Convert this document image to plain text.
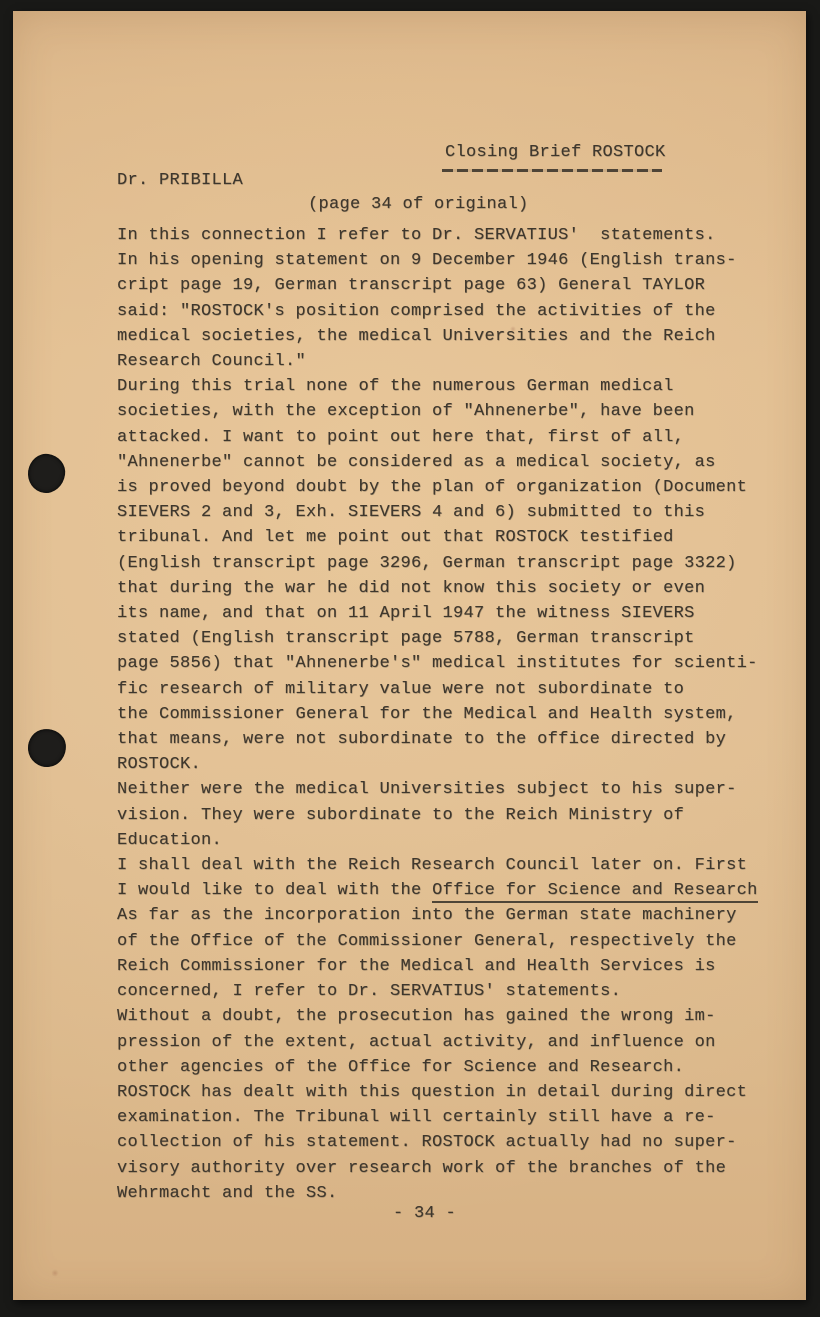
Closing Brief ROSTOCK
Dr. PRIBILLA
(page 34 of original)
In this connection I refer to Dr. SERVATIUS'  statements.
In his opening statement on 9 December 1946 (English trans-
cript page 19, German transcript page 63) General TAYLOR
said: "ROSTOCK's position comprised the activities of the
medical societies, the medical Universities and the Reich
Research Council."
During this trial none of the numerous German medical
societies, with the exception of "Ahnenerbe", have been
attacked. I want to point out here that, first of all,
"Ahnenerbe" cannot be considered as a medical society, as
is proved beyond doubt by the plan of organization (Document
SIEVERS 2 and 3, Exh. SIEVERS 4 and 6) submitted to this
tribunal. And let me point out that ROSTOCK testified
(English transcript page 3296, German transcript page 3322)
that during the war he did not know this society or even
its name, and that on 11 April 1947 the witness SIEVERS
stated (English transcript page 5788, German transcript
page 5856) that "Ahnenerbe's" medical institutes for scienti-
fic research of military value were not subordinate to
the Commissioner General for the Medical and Health system,
that means, were not subordinate to the office directed by
ROSTOCK.
Neither were the medical Universities subject to his super-
vision. They were subordinate to the Reich Ministry of
Education.
I shall deal with the Reich Research Council later on. First
I would like to deal with the Office for Science and Research
As far as the incorporation into the German state machinery
of the Office of the Commissioner General, respectively the
Reich Commissioner for the Medical and Health Services is
concerned, I refer to Dr. SERVATIUS' statements.
Without a doubt, the prosecution has gained the wrong im-
pression of the extent, actual activity, and influence on
other agencies of the Office for Science and Research.
ROSTOCK has dealt with this question in detail during direct
examination. The Tribunal will certainly still have a re-
collection of his statement. ROSTOCK actually had no super-
visory authority over research work of the branches of the
Wehrmacht and the SS.
- 34 -
